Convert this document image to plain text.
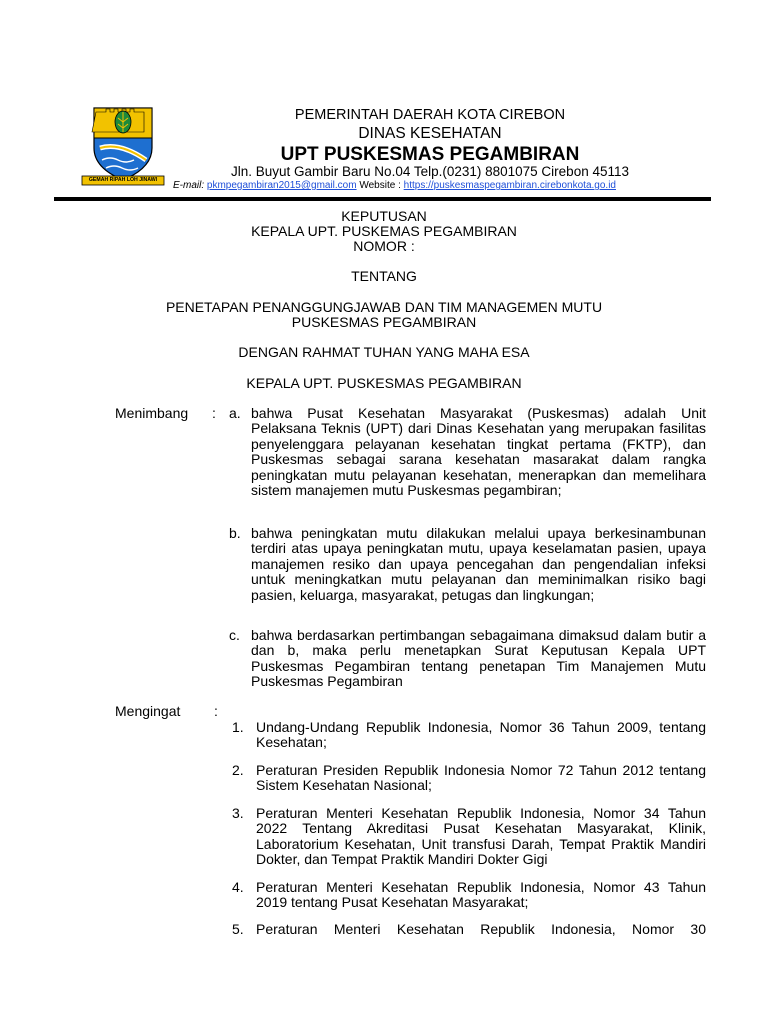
GEMAH RIPAH LOH JINAWI
PEMERINTAH DAERAH KOTA CIREBON
DINAS KESEHATAN
UPT PUSKESMAS PEGAMBIRAN
Jln. Buyut Gambir Baru No.04 Telp.(0231) 8801075 Cirebon 45113
E-mail: pkmpegambiran2015@gmail.com Website : https://puskesmaspegambiran.cirebonkota.go.id
KEPUTUSAN
KEPALA UPT. PUSKEMAS PEGAMBIRAN
NOMOR :
TENTANG
PENETAPAN PENANGGUNGJAWAB DAN TIM MANAGEMEN MUTU
PUSKESMAS PEGAMBIRAN
DENGAN RAHMAT TUHAN YANG MAHA ESA
KEPALA UPT. PUSKESMAS PEGAMBIRAN
Menimbang : a. bahwa Pusat Kesehatan Masyarakat (Puskesmas) adalah Unit Pelaksana Teknis (UPT) dari Dinas Kesehatan yang merupakan fasilitas penyelenggara pelayanan kesehatan tingkat pertama (FKTP), dan Puskesmas sebagai sarana kesehatan masarakat dalam rangka peningkatan mutu pelayanan kesehatan, menerapkan dan memelihara sistem manajemen mutu Puskesmas pegambiran;
b. bahwa peningkatan mutu dilakukan melalui upaya berkesinambunan terdiri atas upaya peningkatan mutu, upaya keselamatan pasien, upaya manajemen resiko dan upaya pencegahan dan pengendalian infeksi untuk meningkatkan mutu pelayanan dan meminimalkan risiko bagi pasien, keluarga, masyarakat, petugas dan lingkungan;
c. bahwa berdasarkan pertimbangan sebagaimana dimaksud dalam butir a dan b, maka perlu menetapkan Surat Keputusan Kepala UPT Puskesmas Pegambiran tentang penetapan Tim Manajemen Mutu Puskesmas Pegambiran
Mengingat :
1. Undang-Undang Republik Indonesia, Nomor 36 Tahun 2009, tentang Kesehatan;
2. Peraturan Presiden Republik Indonesia Nomor 72 Tahun 2012 tentang Sistem Kesehatan Nasional;
3. Peraturan Menteri Kesehatan Republik Indonesia, Nomor 34 Tahun 2022 Tentang Akreditasi Pusat Kesehatan Masyarakat, Klinik, Laboratorium Kesehatan, Unit transfusi Darah, Tempat Praktik Mandiri Dokter, dan Tempat Praktik Mandiri Dokter Gigi
4. Peraturan Menteri Kesehatan Republik Indonesia, Nomor 43 Tahun 2019 tentang Pusat Kesehatan Masyarakat;
5. Peraturan Menteri Kesehatan Republik Indonesia, Nomor 30
